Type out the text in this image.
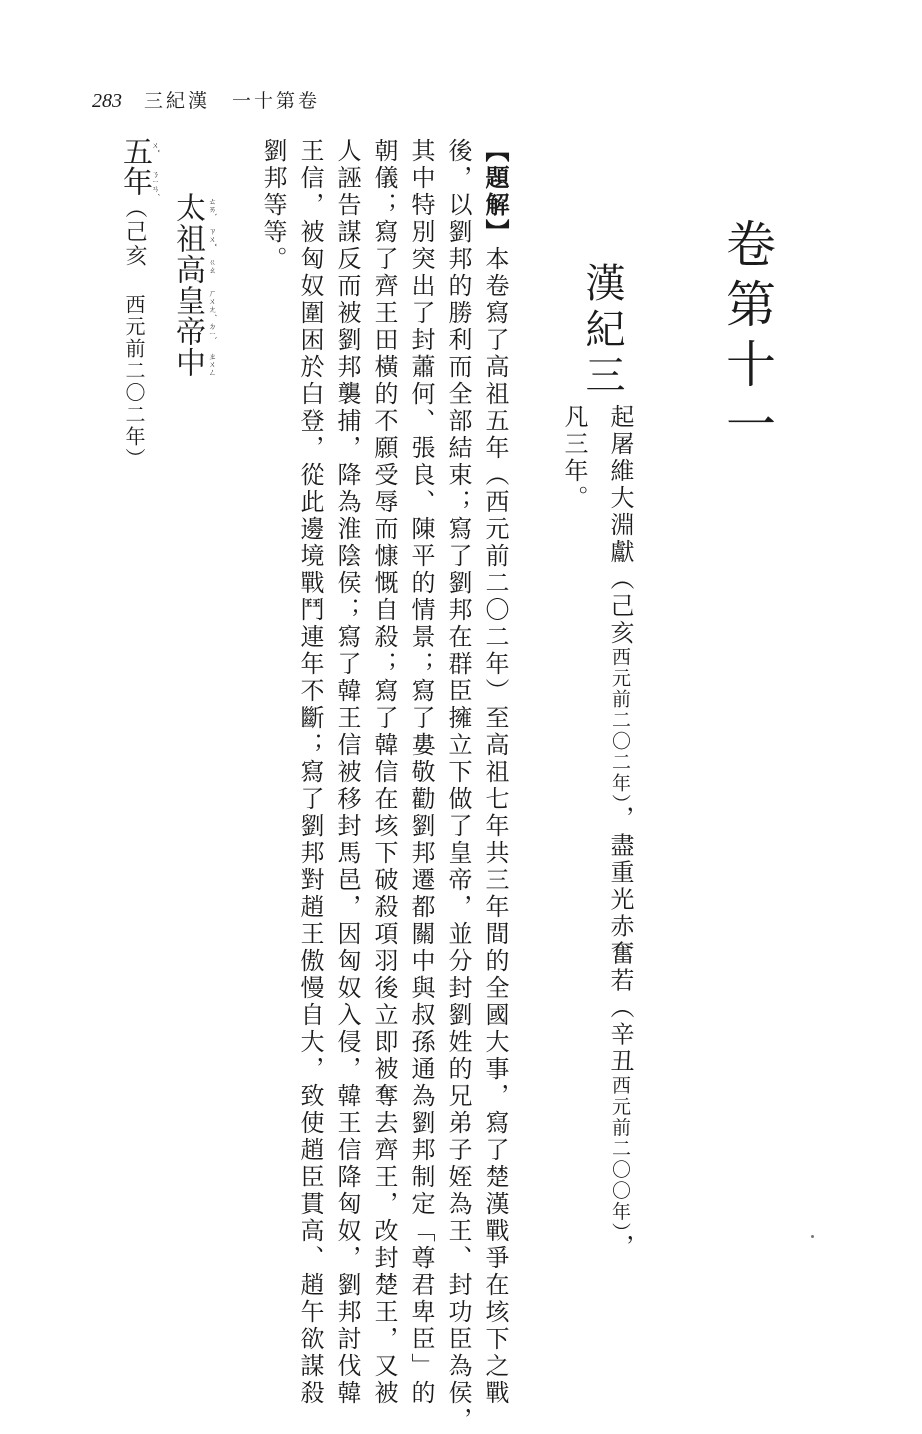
283 三紀漢 一十第卷
卷第十一
漢紀三
起屠維大淵獻（己亥西元前二〇二年），盡重光赤奮若（辛丑西元前二〇〇年），
凡三年。
【題解】本卷寫了高祖五年（西元前二〇二年）至高祖七年共三年間的全國大事，寫了楚漢戰爭在垓下之戰
後，以劉邦的勝利而全部結束；寫了劉邦在群臣擁立下做了皇帝，並分封劉姓的兄弟子姪為王、封功臣為侯，
其中特別突出了封蕭何、張良、陳平的情景；寫了婁敬勸劉邦遷都關中與叔孫通為劉邦制定「尊君卑臣」的
朝儀；寫了齊王田橫的不願受辱而慷慨自殺；寫了韓信在垓下破殺項羽後立即被奪去齊王，改封楚王，又被
人誣告謀反而被劉邦襲捕，降為淮陰侯；寫了韓王信被移封馬邑，因匈奴入侵，韓王信降匈奴，劉邦討伐韓
王信，被匈奴圍困於白登，從此邊境戰鬥連年不斷；寫了劉邦對趙王傲慢自大，致使趙臣貫高、趙午欲謀殺
劉邦等等。
太祖高皇帝中 ㄊㄞˋ
ㄗㄨˇ
ㄍㄠ
ㄏㄨㄤˊ
ㄉㄧˋ
ㄓㄨㄥ
五年（己亥西元前二〇二年）
ㄨˇ
ㄋㄧㄢˊ
